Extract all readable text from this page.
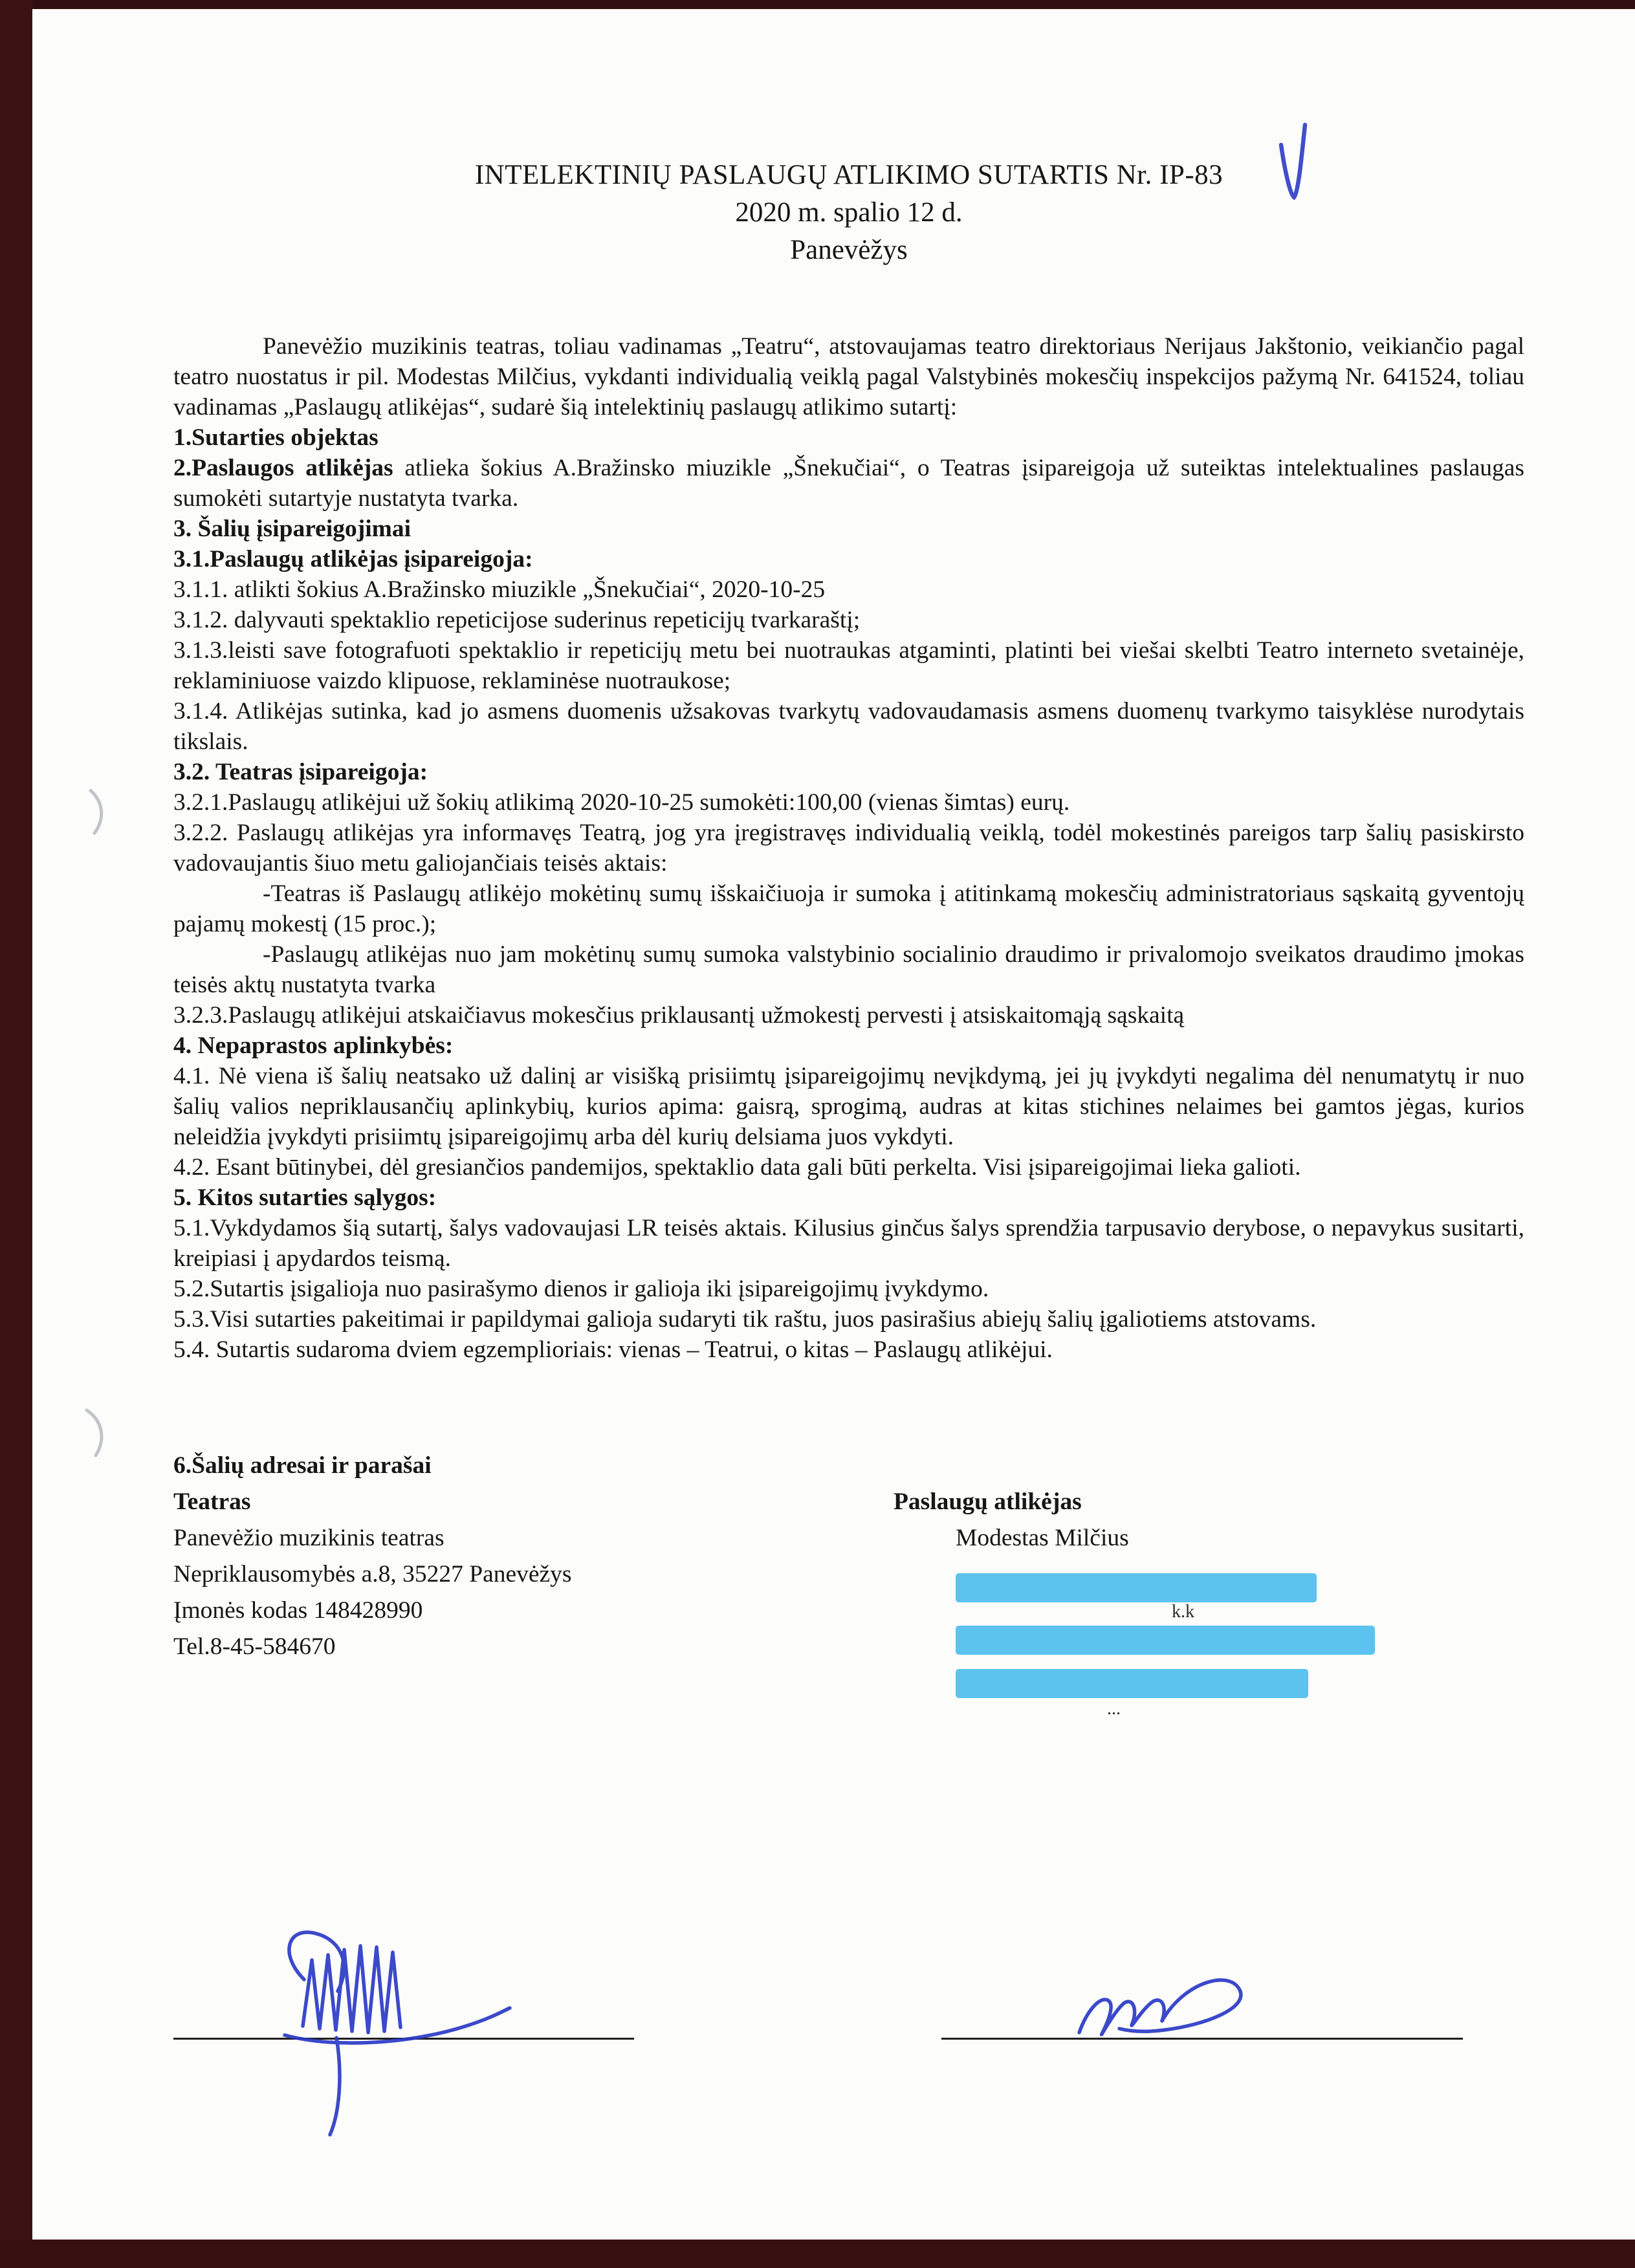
INTELEKTINIŲ PASLAUGŲ ATLIKIMO SUTARTIS Nr. IP-83
2020 m. spalio 12 d.
Panevėžys

Panevėžio muzikinis teatras, toliau vadinamas „Teatru“, atstovaujamas teatro direktoriaus Nerijaus Jakštonio, veikiančio pagal teatro nuostatus ir pil. Modestas Milčius, vykdanti individualią veiklą pagal Valstybinės mokesčių inspekcijos pažymą Nr. 641524, toliau vadinamas „Paslaugų atlikėjas“, sudarė šią intelektinių paslaugų atlikimo sutartį:

1.Sutarties objektas

2.Paslaugos atlikėjas atlieka šokius A.Bražinsko miuzikle „Šnekučiai“, o Teatras įsipareigoja už suteiktas intelektualines paslaugas sumokėti sutartyje nustatyta tvarka.

3. Šalių įsipareigojimai

3.1.Paslaugų atlikėjas įsipareigoja:

3.1.1. atlikti šokius A.Bražinsko miuzikle „Šnekučiai“, 2020-10-25

3.1.2. dalyvauti spektaklio repeticijose suderinus repeticijų tvarkaraštį;

3.1.3.leisti save fotografuoti spektaklio ir repeticijų metu bei nuotraukas atgaminti, platinti bei viešai skelbti Teatro interneto svetainėje, reklaminiuose vaizdo klipuose, reklaminėse nuotraukose;

3.1.4. Atlikėjas sutinka, kad jo asmens duomenis užsakovas tvarkytų vadovaudamasis asmens duomenų tvarkymo taisyklėse nurodytais tikslais.

3.2. Teatras įsipareigoja:

3.2.1.Paslaugų atlikėjui už šokių atlikimą 2020-10-25 sumokėti:100,00 (vienas šimtas) eurų.

3.2.2. Paslaugų atlikėjas yra informavęs Teatrą, jog yra įregistravęs individualią veiklą, todėl mokestinės pareigos tarp šalių pasiskirsto vadovaujantis šiuo metu galiojančiais teisės aktais:

-Teatras iš Paslaugų atlikėjo mokėtinų sumų išskaičiuoja ir sumoka į atitinkamą mokesčių administratoriaus sąskaitą gyventojų pajamų mokestį (15 proc.);

-Paslaugų atlikėjas nuo jam mokėtinų sumų sumoka valstybinio socialinio draudimo ir privalomojo sveikatos draudimo įmokas teisės aktų nustatyta tvarka

3.2.3.Paslaugų atlikėjui atskaičiavus mokesčius priklausantį užmokestį pervesti į atsiskaitomąją sąskaitą

4. Nepaprastos aplinkybės:

4.1. Nė viena iš šalių neatsako už dalinį ar visišką prisiimtų įsipareigojimų nevįkdymą, jei jų įvykdyti negalima dėl nenumatytų ir nuo šalių valios nepriklausančių aplinkybių, kurios apima: gaisrą, sprogimą, audras at kitas stichines nelaimes bei gamtos jėgas, kurios neleidžia įvykdyti prisiimtų įsipareigojimų arba dėl kurių delsiama juos vykdyti.

4.2. Esant būtinybei, dėl gresiančios pandemijos, spektaklio data gali būti perkelta. Visi įsipareigojimai lieka galioti.

5. Kitos sutarties sąlygos:

5.1.Vykdydamos šią sutartį, šalys vadovaujasi LR teisės aktais. Kilusius ginčus šalys sprendžia tarpusavio derybose, o nepavykus susitarti, kreipiasi į apydardos teismą.

5.2.Sutartis įsigalioja nuo pasirašymo dienos ir galioja iki įsipareigojimų įvykdymo.

5.3.Visi sutarties pakeitimai ir papildymai galioja sudaryti tik raštu, juos pasirašius abiejų šalių įgaliotiems atstovams.

5.4. Sutartis sudaroma dviem egzemplioriais: vienas – Teatrui, o kitas – Paslaugų atlikėjui.

6.Šalių adresai ir parašai
Teatras
Panevėžio muzikinis teatras
Nepriklausomybės a.8, 35227 Panevėžys
Įmonės kodas 148428990
Tel.8-45-584670
Paslaugų atlikėjas
Modestas Milčius
k.k
...
